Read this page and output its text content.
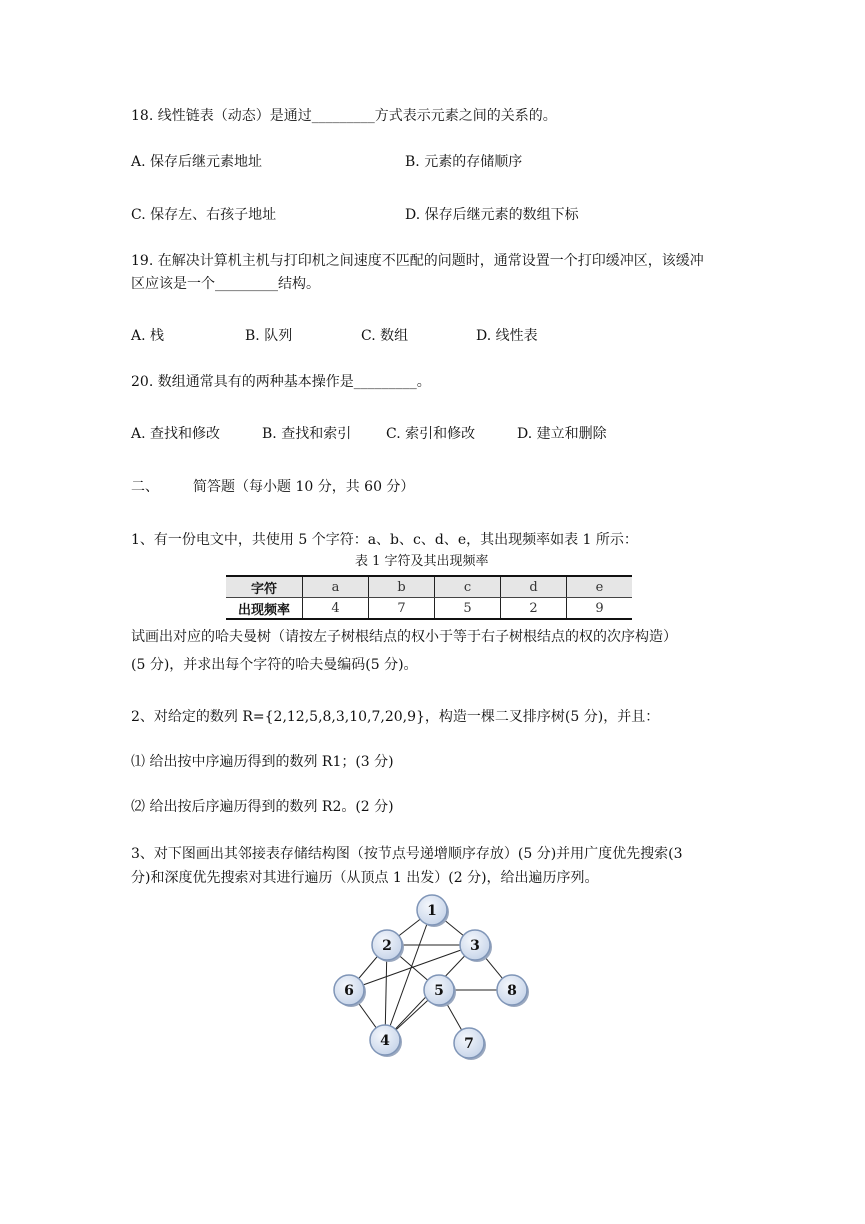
18. 线性链表（动态）是通过_________方式表示元素之间的关系的。
A. 保存后继元素地址	B. 元素的存储顺序
C. 保存左、右孩子地址	D. 保存后继元素的数组下标
19. 在解决计算机主机与打印机之间速度不匹配的问题时，通常设置一个打印缓冲区，该缓冲
区应该是一个_________结构。
A. 栈	B. 队列	C. 数组	D. 线性表
20. 数组通常具有的两种基本操作是_________。
A. 查找和修改	B. 查找和索引 C. 索引和修改	D. 建立和删除
二、 简答题（每小题 10 分，共 60 分）
1、有一份电文中，共使用 5 个字符：a、b、c、d、e，其出现频率如表 1 所示：
表 1 字符及其出现频率
字符	a	b	c	d	e
出现频率	4	7	5	2	9
试画出对应的哈夫曼树（请按左子树根结点的权小于等于右子树根结点的权的次序构造）
(5 分)，并求出每个字符的哈夫曼编码(5 分)。
2、对给定的数列 R={2,12,5,8,3,10,7,20,9}，构造一棵二叉排序树(5 分)，并且：
⑴ 给出按中序遍历得到的数列 R1；(3 分)
⑵ 给出按后序遍历得到的数列 R2。(2 分)
3、对下图画出其邻接表存储结构图（按节点号递增顺序存放）(5 分)并用广度优先搜索(3
分)和深度优先搜索对其进行遍历（从顶点 1 出发）(2 分)，给出遍历序列。
1
2	3
4
5
6
7
8
